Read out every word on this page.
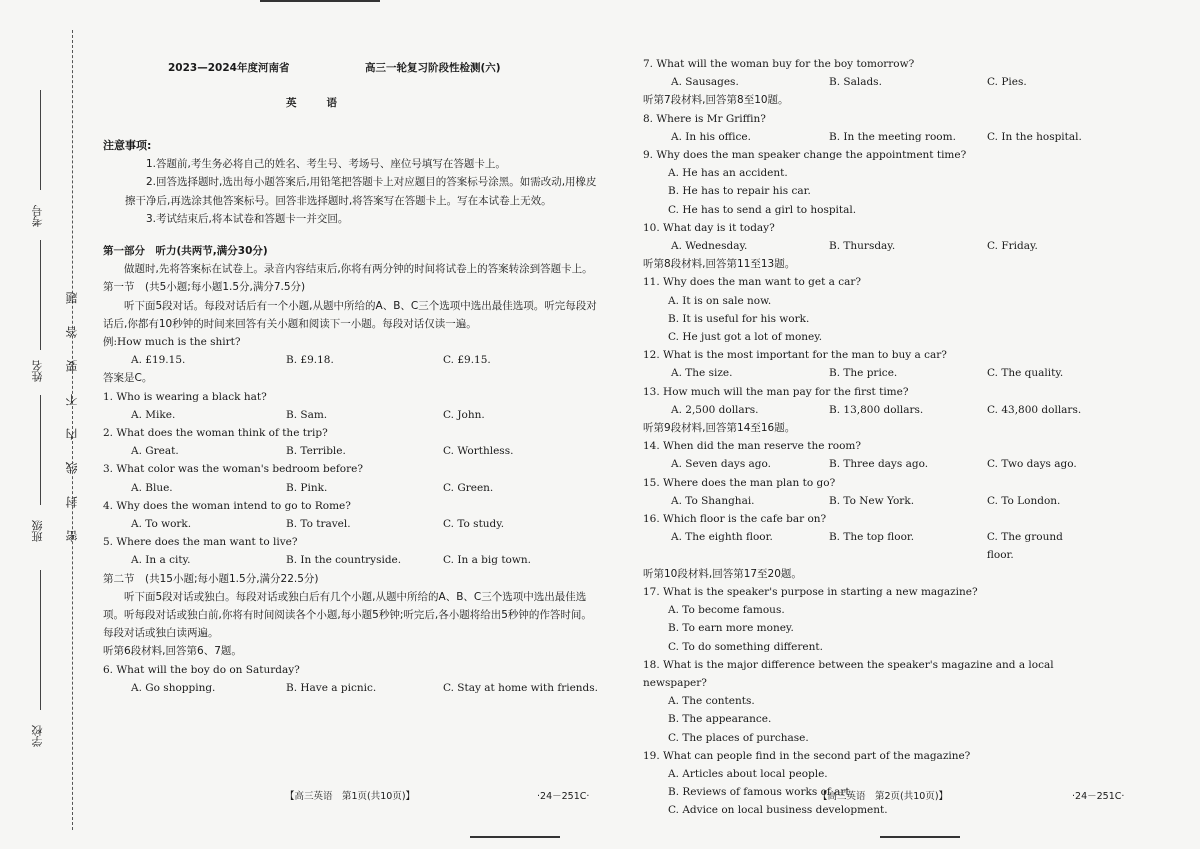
考号
姓名
班级
学校
密封线内不要答题
2023—2024年度河南省	高三一轮复习阶段性检测(六)
英语
注意事项:
1.答题前,考生务必将自己的姓名、考生号、考场号、座位号填写在答题卡上。
2.回答选择题时,选出每小题答案后,用铅笔把答题卡上对应题目的答案标号涂黑。如需改动,用橡皮擦干净后,再选涂其他答案标号。回答非选择题时,将答案写在答题卡上。写在本试卷上无效。
3.考试结束后,将本试卷和答题卡一并交回。
第一部分　听力(共两节,满分30分)
做题时,先将答案标在试卷上。录音内容结束后,你将有两分钟的时间将试卷上的答案转涂到答题卡上。
第一节　(共5小题;每小题1.5分,满分7.5分)
听下面5段对话。每段对话后有一个小题,从题中所给的A、B、C三个选项中选出最佳选项。听完每段对话后,你都有10秒钟的时间来回答有关小题和阅读下一小题。每段对话仅读一遍。
例:How much is the shirt?
A. £19.15.	B. £9.18.	C. £9.15.
答案是C。
1. Who is wearing a black hat?
A. Mike.	B. Sam.	C. John.
2. What does the woman think of the trip?
A. Great.	B. Terrible.	C. Worthless.
3. What color was the woman's bedroom before?
A. Blue.	B. Pink.	C. Green.
4. Why does the woman intend to go to Rome?
A. To work.	B. To travel.	C. To study.
5. Where does the man want to live?
A. In a city.	B. In the countryside.	C. In a big town.
第二节　(共15小题;每小题1.5分,满分22.5分)
听下面5段对话或独白。每段对话或独白后有几个小题,从题中所给的A、B、C三个选项中选出最佳选项。听每段对话或独白前,你将有时间阅读各个小题,每小题5秒钟;听完后,各小题将给出5秒钟的作答时间。每段对话或独白读两遍。
听第6段材料,回答第6、7题。
6. What will the boy do on Saturday?
A. Go shopping.	B. Have a picnic.	C. Stay at home with friends.
7. What will the woman buy for the boy tomorrow?
A. Sausages.	B. Salads.	C. Pies.
听第7段材料,回答第8至10题。
8. Where is Mr Griffin?
A. In his office.	B. In the meeting room.	C. In the hospital.
9. Why does the man speaker change the appointment time?
A. He has an accident.
B. He has to repair his car.
C. He has to send a girl to hospital.
10. What day is it today?
A. Wednesday.	B. Thursday.	C. Friday.
听第8段材料,回答第11至13题。
11. Why does the man want to get a car?
A. It is on sale now.
B. It is useful for his work.
C. He just got a lot of money.
12. What is the most important for the man to buy a car?
A. The size.	B. The price.	C. The quality.
13. How much will the man pay for the first time?
A. 2,500 dollars.	B. 13,800 dollars.	C. 43,800 dollars.
听第9段材料,回答第14至16题。
14. When did the man reserve the room?
A. Seven days ago.	B. Three days ago.	C. Two days ago.
15. Where does the man plan to go?
A. To Shanghai.	B. To New York.	C. To London.
16. Which floor is the cafe bar on?
A. The eighth floor.	B. The top floor.	C. The ground floor.
听第10段材料,回答第17至20题。
17. What is the speaker's purpose in starting a new magazine?
A. To become famous.
B. To earn more money.
C. To do something different.
18. What is the major difference between the speaker's magazine and a local newspaper?
A. The contents.
B. The appearance.
C. The places of purchase.
19. What can people find in the second part of the magazine?
A. Articles about local people.
B. Reviews of famous works of art.
C. Advice on local business development.
【高三英语　第1页(共10页)】	·24－251C·	【高三英语　第2页(共10页)】	·24－251C·
